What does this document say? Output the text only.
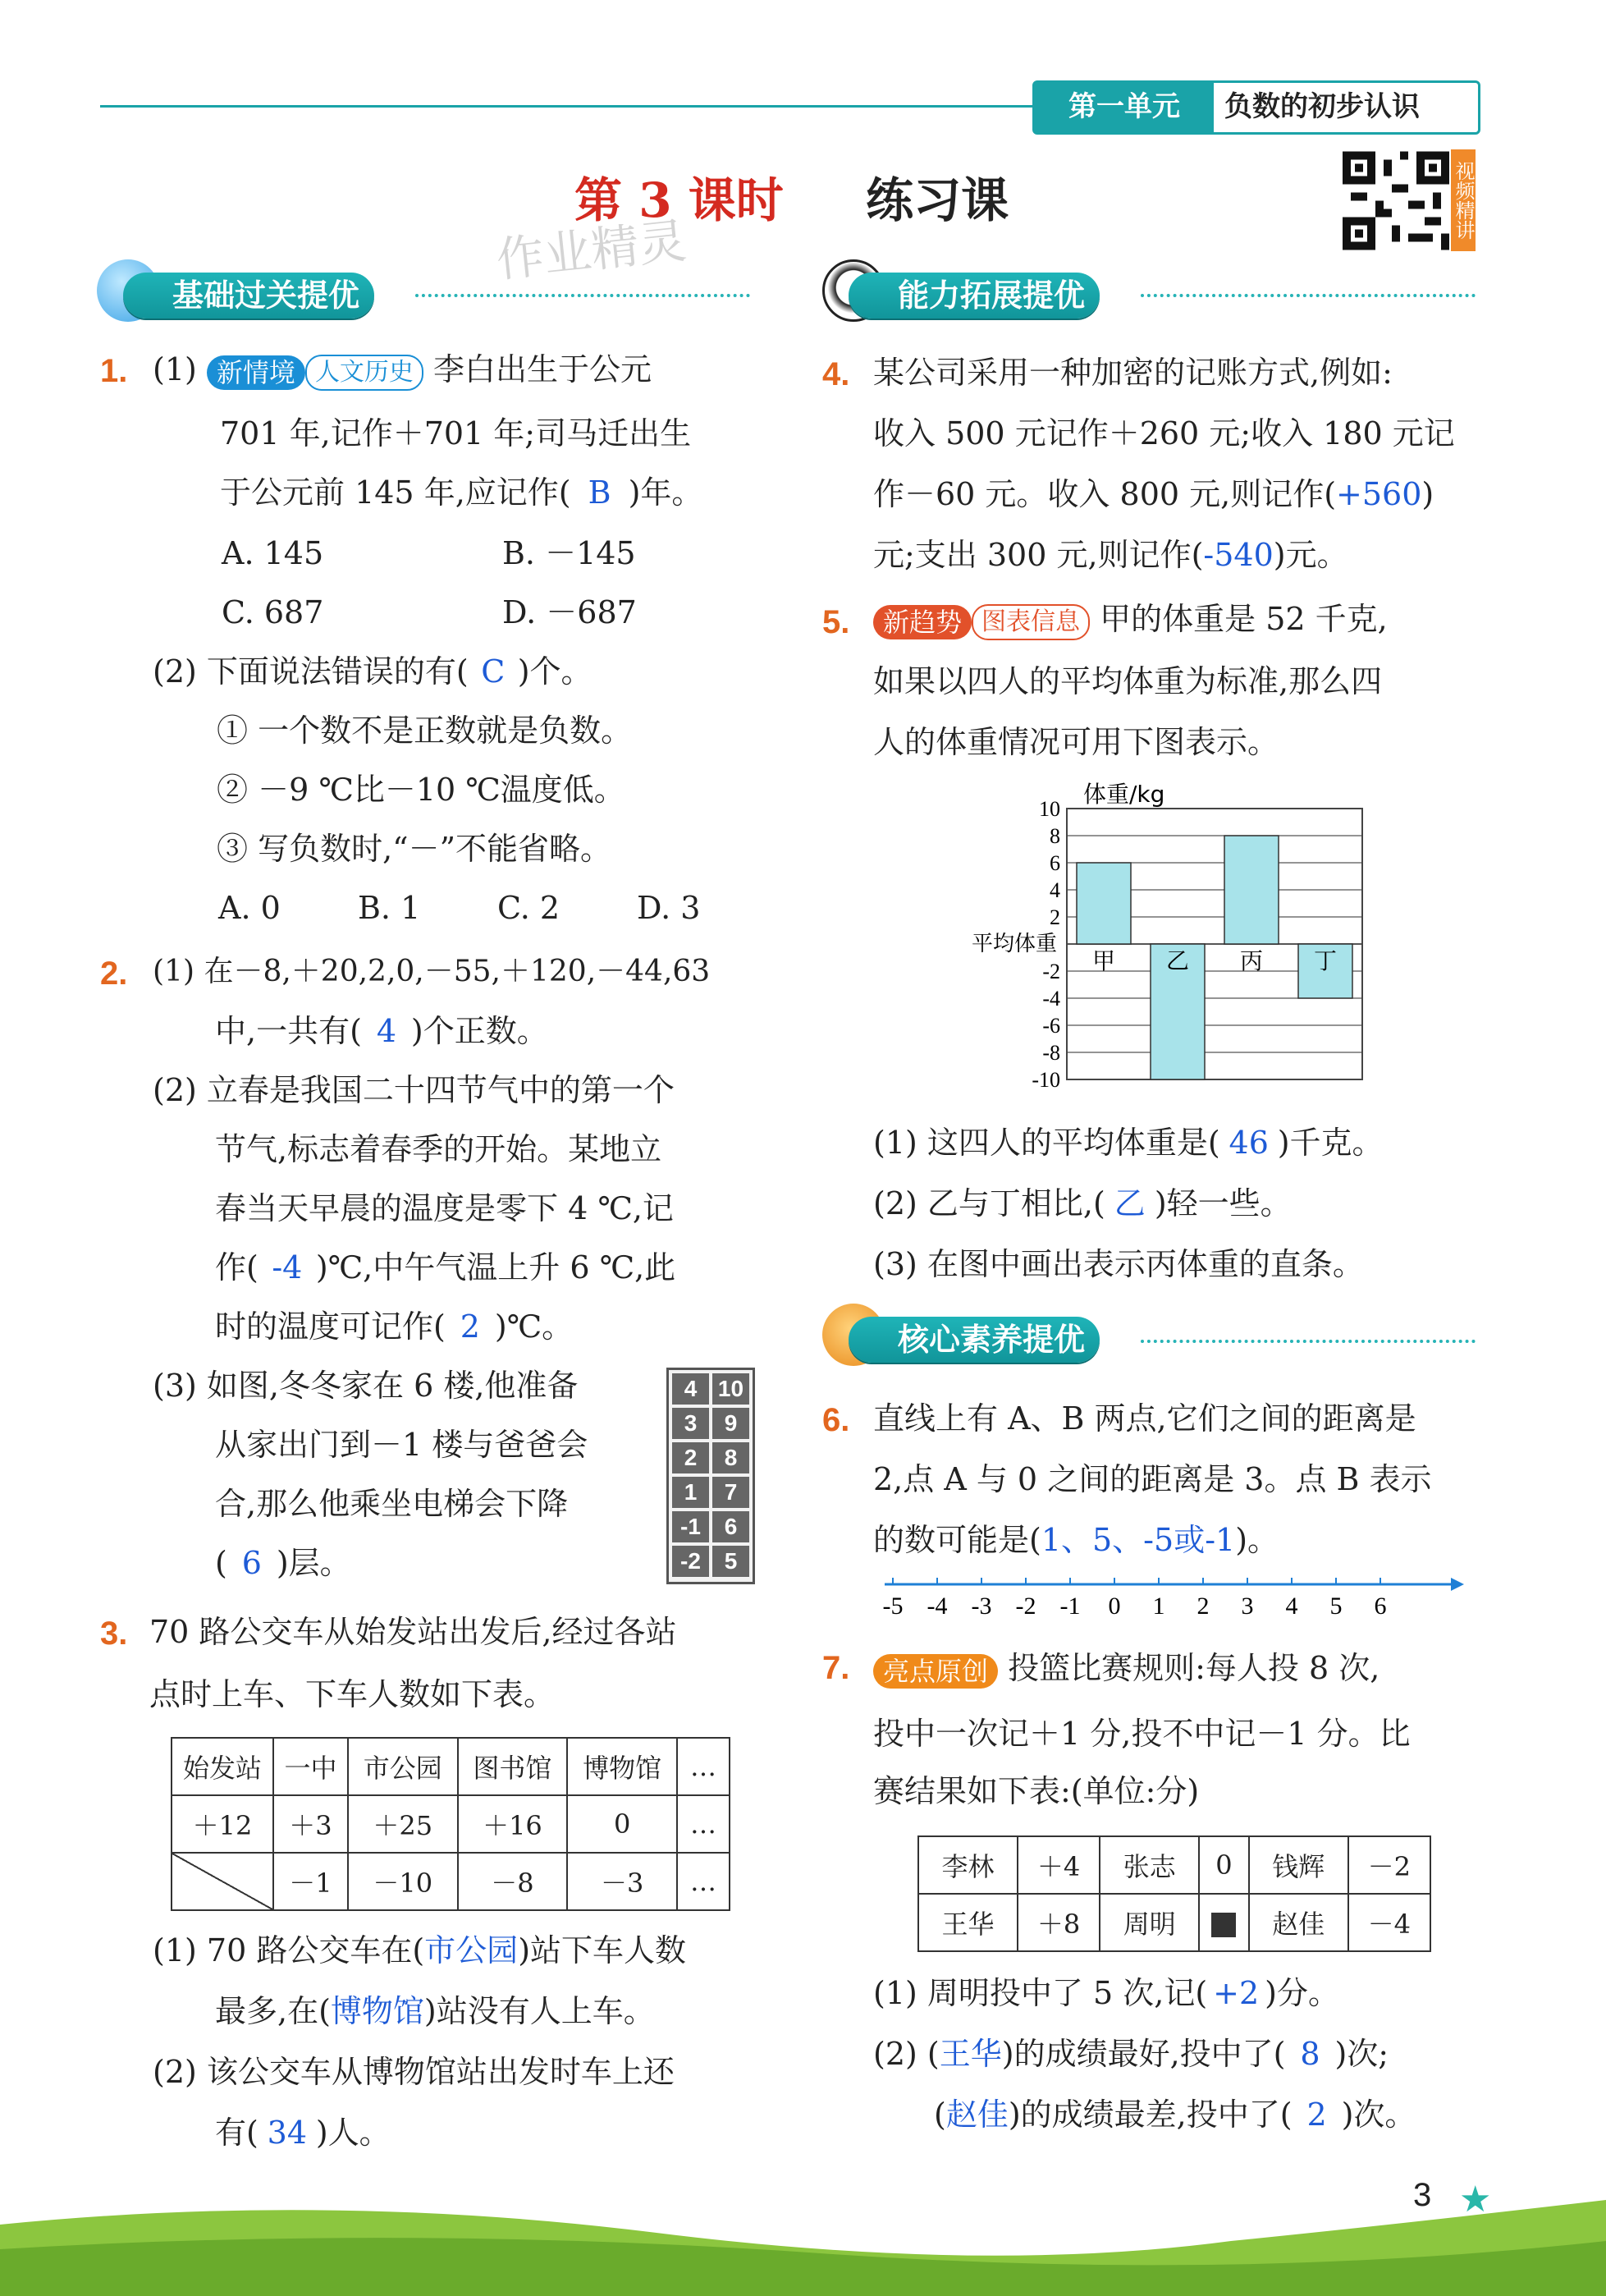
第一单元	负数的初步认识
第 3 课时 练习课	视频精讲
作业精灵
基础过关提优
1. (1) 新情境 人文历史 李白出生于公元
701 年,记作＋701 年;司马迁出生
于公元前 145 年,应记作( B )年。
A. 145	B. －145
C. 687	D. －687
(2) 下面说法错误的有( C )个。
① 一个数不是正数就是负数。
② －9 ℃比－10 ℃温度低。
③ 写负数时,“－”不能省略。
A. 0 B. 1 C. 2 D. 3
2. (1) 在－8,＋20,2,0,－55,＋120,－44,63
中,一共有( 4 )个正数。
(2) 立春是我国二十四节气中的第一个
节气,标志着春季的开始。某地立
春当天早晨的温度是零下 4 ℃,记
作( -4 )℃,中午气温上升 6 ℃,此
时的温度可记作( 2 )℃。
(3) 如图,冬冬家在 6 楼,他准备
从家出门到－1 楼与爸爸会
合,那么他乘坐电梯会下降
( 6 )层。
4 10
3	9
2	8
1	7
-1	6
-2	5
3. 70 路公交车从始发站出发后,经过各站
点时上车、下车人数如下表。
始发站	一中	市公园	图书馆	博物馆	…
＋12	＋3	＋25	＋16	0	…
	－1	－10	－8	－3	…
(1) 70 路公交车在(市公园)站下车人数
最多,在(博物馆)站没有人上车。
(2) 该公交车从博物馆站出发时车上还
有( 34 )人。
能力拓展提优
4. 某公司采用一种加密的记账方式,例如:
收入 500 元记作＋260 元;收入 180 元记
作－60 元。收入 800 元,则记作(+560)
元;支出 300 元,则记作(-540)元。
5.	新趋势 图表信息 甲的体重是 52 千克,
如果以四人的平均体重为标准,那么四
人的体重情况可用下图表示。
10
8
6
4
2
-2
-4
-6
-8
-10
体重/kg
平均体重
甲 乙 丙 丁
(1) 这四人的平均体重是( 46 )千克。
(2) 乙与丁相比,( 乙 )轻一些。
(3) 在图中画出表示丙体重的直条。
核心素养提优
6. 直线上有 A、B 两点,它们之间的距离是
2,点 A 与 0 之间的距离是 3。点 B 表示
的数可能是(1、5、-5或-1)。
-5 -4 -3 -2 -1 0 1 2 3 4 5 6
7.	亮点原创 投篮比赛规则:每人投 8 次,
投中一次记＋1 分,投不中记－1 分。比
赛结果如下表:(单位:分)
李林	＋4	张志	0	钱辉	－2
王华	＋8	周明		赵佳	－4
(1) 周明投中了 5 次,记( +2 )分。
(2) (王华)的成绩最好,投中了( 8 )次;
(赵佳)的成绩最差,投中了( 2 )次。
3 ★
